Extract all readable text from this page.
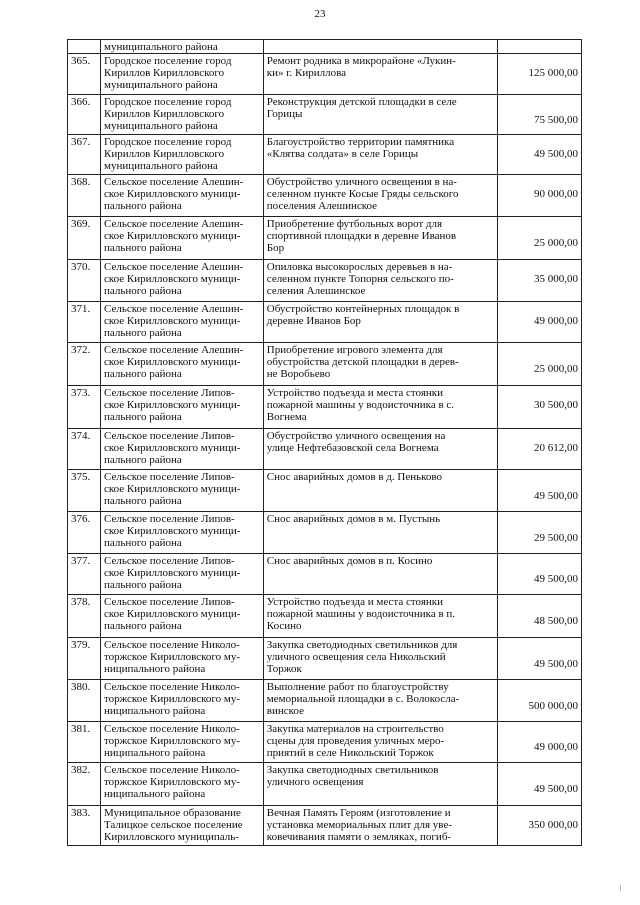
23

	муниципального района		

365.	Городское поселение город
Кириллов Кирилловского
муниципального района	Ремонт родника в микрорайоне «Лукин-
ки» г. Кириллова	125 000,00

366.	Городское поселение город
Кириллов Кирилловского
муниципального района	Реконструкция детской площадки в селе
Горицы	75 500,00

367.	Городское поселение город
Кириллов Кирилловского
муниципального района	Благоустройство территории памятника
«Клятва солдата» в селе Горицы	49 500,00

368.	Сельское поселение Алешин-
ское Кирилловского муници-
пального района	Обустройство уличного освещения в на-
селенном пункте Косые Гряды сельского
поселения Алешинское	90 000,00

369.	Сельское поселение Алешин-
ское Кирилловского муници-
пального района	Приобретение футбольных ворот для
спортивной площадки в деревне Иванов
Бор	25 000,00

370.	Сельское поселение Алешин-
ское Кирилловского муници-
пального района	Опиловка высокорослых деревьев в на-
селенном пункте Топорня сельского по-
селения Алешинское	35 000,00

371.	Сельское поселение Алешин-
ское Кирилловского муници-
пального района	Обустройство контейнерных площадок в
деревне Иванов Бор	49 000,00

372.	Сельское поселение Алешин-
ское Кирилловского муници-
пального района	Приобретение игрового элемента для
обустройства детской площадки в дерев-
не Воробьево	25 000,00

373.	Сельское поселение Липов-
ское Кирилловского муници-
пального района	Устройство подъезда и места стоянки
пожарной машины у водоисточника в с.
Вогнема	30 500,00

374.	Сельское поселение Липов-
ское Кирилловского муници-
пального района	Обустройство уличного освещения на
улице Нефтебазовской села Вогнема	20 612,00

375.	Сельское поселение Липов-
ское Кирилловского муници-
пального района	Снос аварийных домов в д. Пеньково	49 500,00

376.	Сельское поселение Липов-
ское Кирилловского муници-
пального района	Снос аварийных домов в м. Пустынь	29 500,00

377.	Сельское поселение Липов-
ское Кирилловского муници-
пального района	Снос аварийных домов в п. Косино	49 500,00

378.	Сельское поселение Липов-
ское Кирилловского муници-
пального района	Устройство подъезда и места стоянки
пожарной машины у водоисточника в п.
Косино	48 500,00

379.	Сельское поселение Николо-
торжское Кирилловского му-
ниципального района	Закупка светодиодных светильников для
уличного освещения села Никольский
Торжок	49 500,00

380.	Сельское поселение Николо-
торжское Кирилловского му-
ниципального района	Выполнение работ по благоустройству
мемориальной площадки в с. Волокосла-
винское	500 000,00

381.	Сельское поселение Николо-
торжское Кирилловского му-
ниципального района	Закупка материалов на строительство
сцены для проведения уличных меро-
приятий в селе Никольский Торжок	49 000,00

382.	Сельское поселение Николо-
торжское Кирилловского му-
ниципального района	Закупка светодиодных светильников
уличного освещения	49 500,00

383.	Муниципальное образование
Талицкое сельское поселение
Кирилловского муниципаль-	Вечная Память Героям (изготовление и
установка мемориальных плит для уве-
ковечивания памяти о земляках, погиб-	350 000,00
